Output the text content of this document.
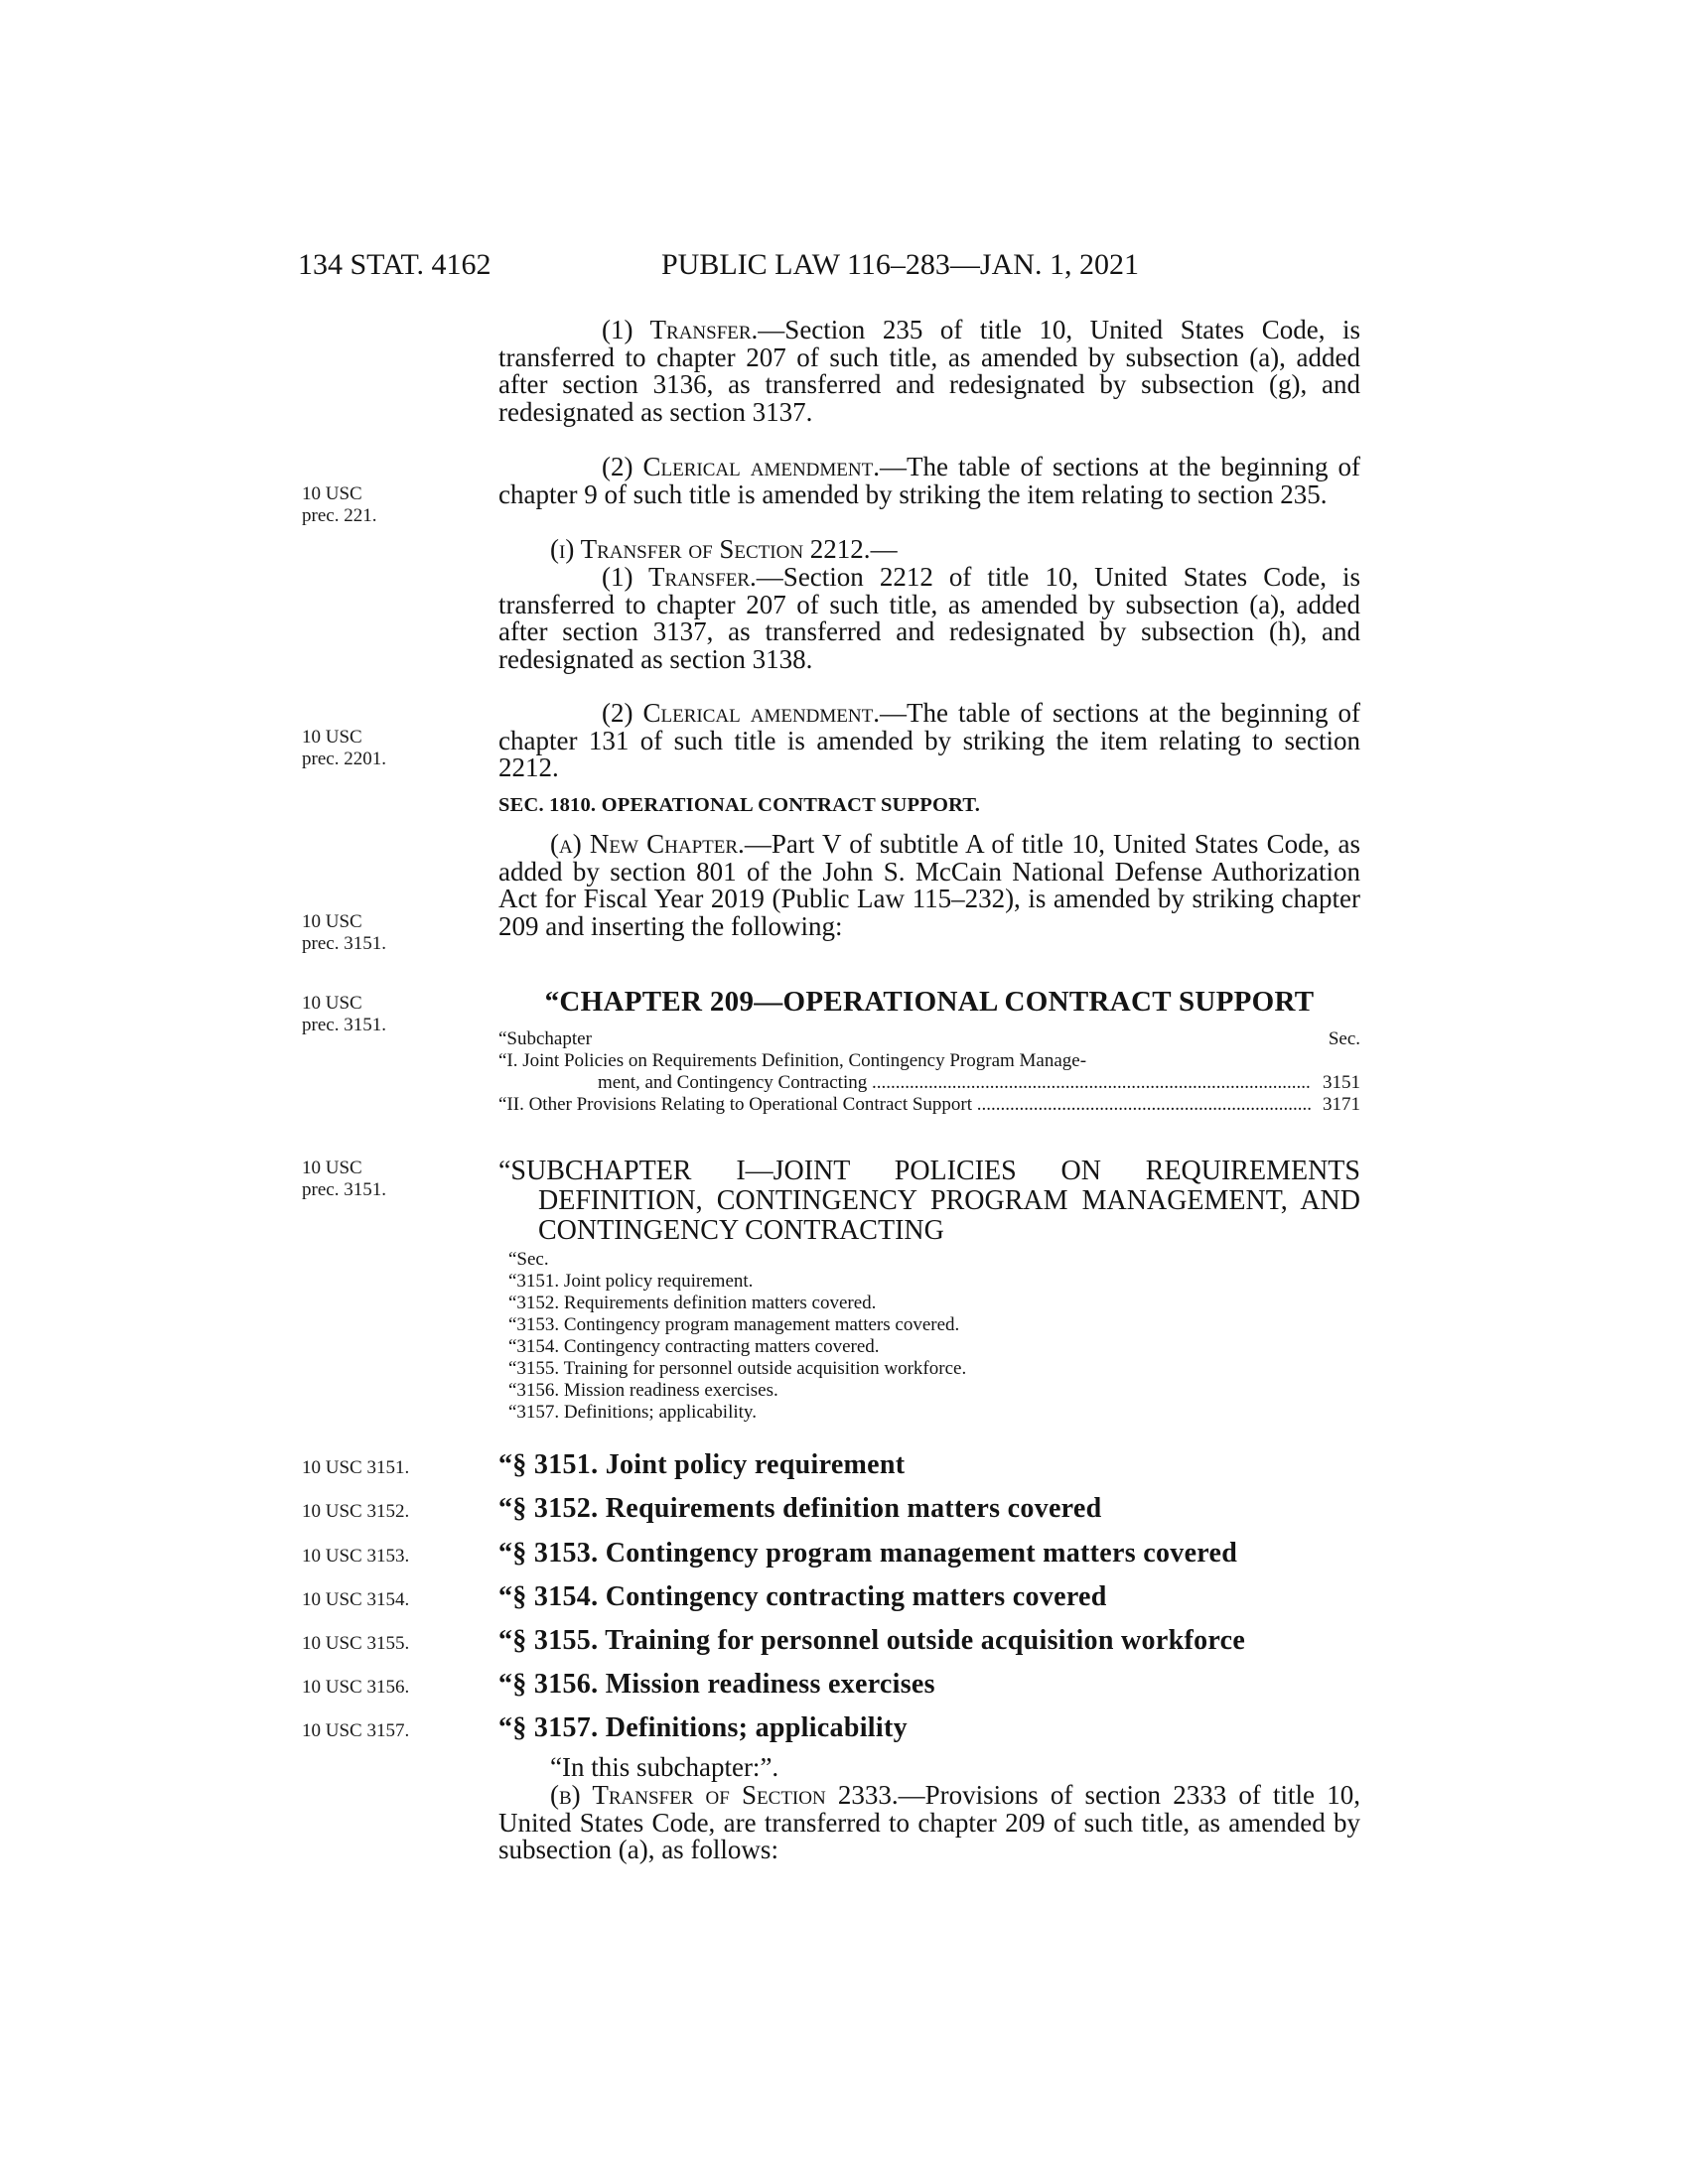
134 STAT. 4162	PUBLIC LAW 116–283—JAN. 1, 2021
10 USC
prec. 221.
10 USC
prec. 2201.
10 USC
prec. 3151.
10 USC
prec. 3151.
10 USC
prec. 3151.
10 USC 3151.
10 USC 3152.
10 USC 3153.
10 USC 3154.
10 USC 3155.
10 USC 3156.
10 USC 3157.
(1) Transfer.—Section 235 of title 10, United States Code, is transferred to chapter 207 of such title, as amended by subsection (a), added after section 3136, as transferred and redesignated by subsection (g), and redesignated as section 3137.
(2) Clerical amendment.—The table of sections at the beginning of chapter 9 of such title is amended by striking the item relating to section 235.
(i) Transfer of Section 2212.—
(1) Transfer.—Section 2212 of title 10, United States Code, is transferred to chapter 207 of such title, as amended by subsection (a), added after section 3137, as transferred and redesignated by subsection (h), and redesignated as section 3138.
(2) Clerical amendment.—The table of sections at the beginning of chapter 131 of such title is amended by striking the item relating to section 2212.
SEC. 1810. OPERATIONAL CONTRACT SUPPORT.
(a) New Chapter.—Part V of subtitle A of title 10, United States Code, as added by section 801 of the John S. McCain National Defense Authorization Act for Fiscal Year 2019 (Public Law 115–232), is amended by striking chapter 209 and inserting the following:
“CHAPTER 209—OPERATIONAL CONTRACT SUPPORT
“Subchapter	Sec.
“I. Joint Policies on Requirements Definition, Contingency Program Manage-
ment, and Contingency Contracting .....	3151
“II. Other Provisions Relating to Operational Contract Support .....	3171
“SUBCHAPTER I—JOINT POLICIES ON REQUIREMENTS DEFINITION, CONTINGENCY PROGRAM MANAGEMENT, AND CONTINGENCY CONTRACTING
“Sec.
“3151. Joint policy requirement.
“3152. Requirements definition matters covered.
“3153. Contingency program management matters covered.
“3154. Contingency contracting matters covered.
“3155. Training for personnel outside acquisition workforce.
“3156. Mission readiness exercises.
“3157. Definitions; applicability.
“§ 3151. Joint policy requirement
“§ 3152. Requirements definition matters covered
“§ 3153. Contingency program management matters covered
“§ 3154. Contingency contracting matters covered
“§ 3155. Training for personnel outside acquisition workforce
“§ 3156. Mission readiness exercises
“§ 3157. Definitions; applicability
“In this subchapter:”.
(b) Transfer of Section 2333.—Provisions of section 2333 of title 10, United States Code, are transferred to chapter 209 of such title, as amended by subsection (a), as follows:
